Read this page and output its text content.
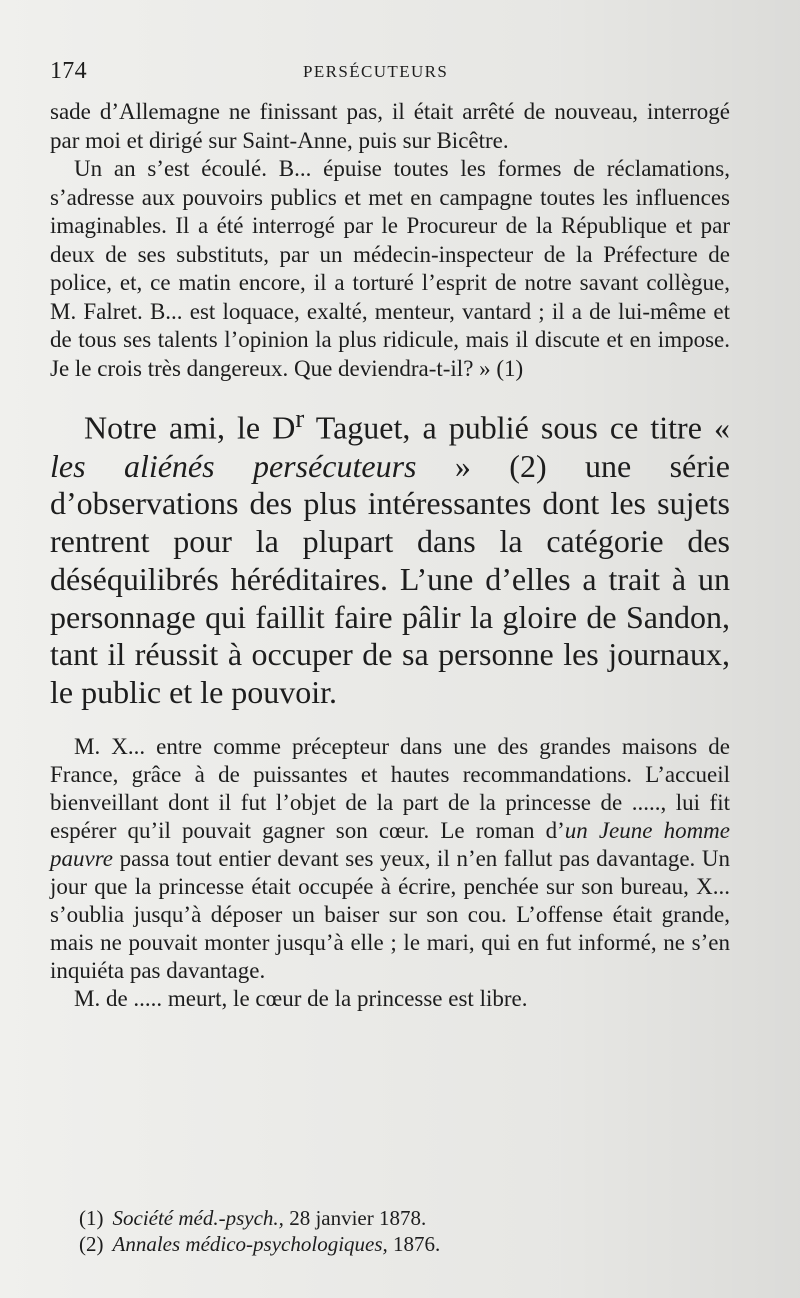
174	PERSÉCUTEURS

sade d’Allemagne ne finissant pas, il était arrêté de nouveau, interrogé par moi et dirigé sur Saint-Anne, puis sur Bicêtre.

Un an s’est écoulé. B... épuise toutes les formes de réclamations, s’adresse aux pouvoirs publics et met en campagne toutes les influences imaginables. Il a été interrogé par le Procureur de la République et par deux de ses substituts, par un médecin-inspecteur de la Préfecture de police, et, ce matin encore, il a torturé l’esprit de notre savant collègue, M. Falret. B... est loquace, exalté, menteur, vantard ; il a de lui-même et de tous ses talents l’opinion la plus ridicule, mais il discute et en impose. Je le crois très dangereux. Que deviendra-t-il? » (1)

Notre ami, le $D^r$ Taguet, a publié sous ce titre « les aliénés persécuteurs » (2) une série d’observations des plus intéressantes dont les sujets rentrent pour la plupart dans la catégorie des déséquilibrés héréditaires. L’une d’elles a trait à un personnage qui faillit faire pâlir la gloire de Sandon, tant il réussit à occuper de sa personne les journaux, le public et le pouvoir.

M. X... entre comme précepteur dans une des grandes maisons de France, grâce à de puissantes et hautes recommandations. L’accueil bienveillant dont il fut l’objet de la part de la princesse de ....., lui fit espérer qu’il pouvait gagner son cœur. Le roman d’un Jeune homme pauvre passa tout entier devant ses yeux, il n’en fallut pas davantage. Un jour que la princesse était occupée à écrire, penchée sur son bureau, X... s’oublia jusqu’à déposer un baiser sur son cou. L’offense était grande, mais ne pouvait monter jusqu’à elle ; le mari, qui en fut informé, ne s’en inquiéta pas davantage.

M. de ..... meurt, le cœur de la princesse est libre.

(1) Société méd.-psych., 28 janvier 1878.

(2) Annales médico-psychologiques, 1876.
